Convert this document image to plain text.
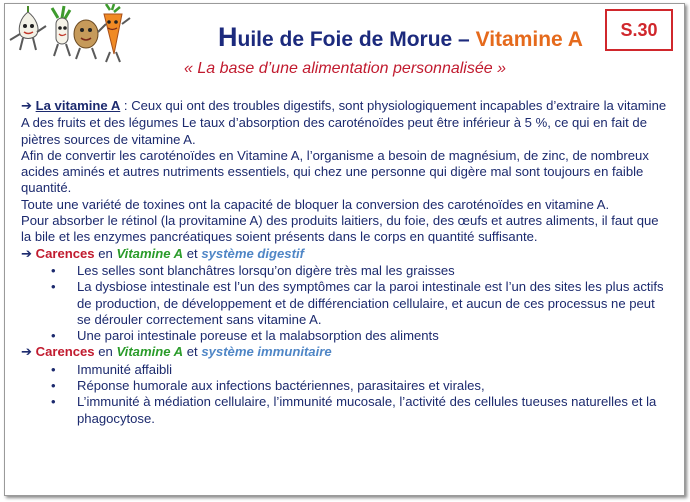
Huile de Foie de Morue – Vitamine A	S.30
« La base d’une alimentation personnalisée »

➔ La vitamine A : Ceux qui ont des troubles digestifs, sont physiologiquement incapables d’extraire la vitamine A des fruits et des légumes Le taux d’absorption des caroténoïdes peut être inférieur à 5 %, ce qui en fait de piètres sources de vitamine A.

Afin de convertir les caroténoïdes en Vitamine A, l’organisme a besoin de magnésium, de zinc, de nombreux acides aminés et autres nutriments essentiels, qui chez une personne qui digère mal sont toujours en faible quantité.

Toute une variété de toxines ont la capacité de bloquer la conversion des caroténoïdes en vitamine A.

Pour absorber le rétinol (la provitamine A) des produits laitiers, du foie, des œufs et autres aliments, il faut que la bile et les enzymes pancréatiques soient présents dans le corps en quantité suffisante.

➔ Carences en Vitamine A et système digestif

• Les selles sont blanchâtres lorsqu’on digère très mal les graisses
• La dysbiose intestinale est l’un des symptômes car la paroi intestinale est l’un des sites les plus actifs de production, de développement et de différenciation cellulaire, et aucun de ces processus ne peut se dérouler correctement sans vitamine A.
• Une paroi intestinale poreuse et la malabsorption des aliments

➔ Carences en Vitamine A et système immunitaire

• Immunité affaibli
• Réponse humorale aux infections bactériennes, parasitaires et virales,
• L’immunité à médiation cellulaire, l’immunité mucosale, l’activité des cellules tueuses naturelles et la phagocytose.
